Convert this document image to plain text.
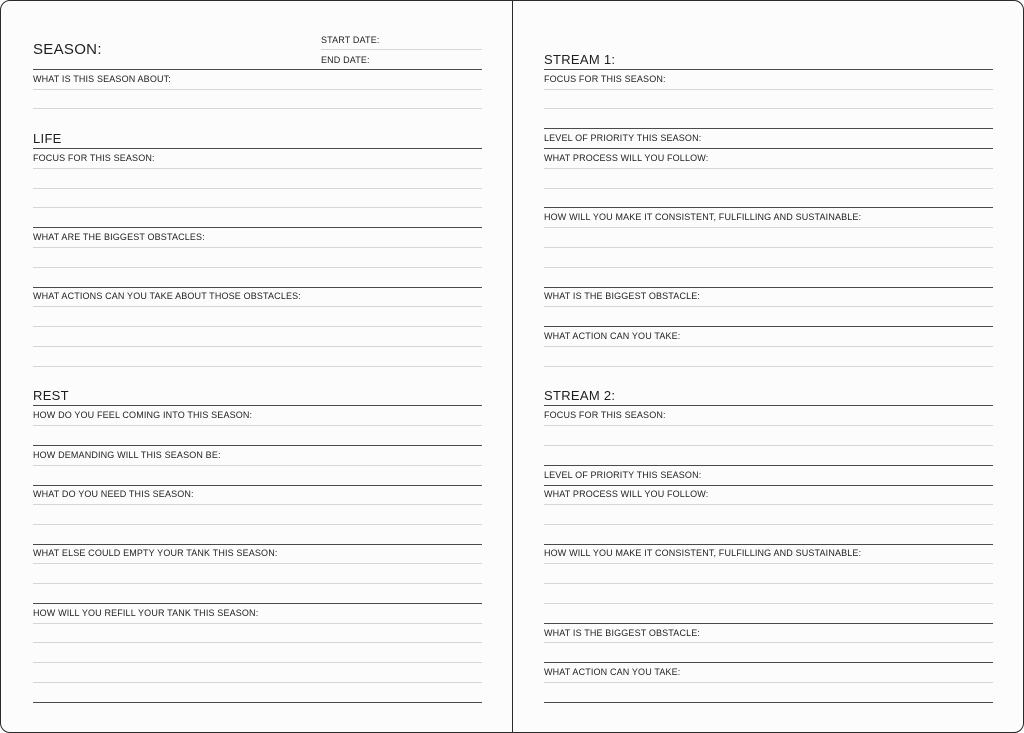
SEASON:
START DATE:
END DATE:
WHAT IS THIS SEASON ABOUT:
LIFE
FOCUS FOR THIS SEASON:
WHAT ARE THE BIGGEST OBSTACLES:
WHAT ACTIONS CAN YOU TAKE ABOUT THOSE OBSTACLES:
REST
HOW DO YOU FEEL COMING INTO THIS SEASON:
HOW DEMANDING WILL THIS SEASON BE:
WHAT DO YOU NEED THIS SEASON:
WHAT ELSE COULD EMPTY YOUR TANK THIS SEASON:
HOW WILL YOU REFILL YOUR TANK THIS SEASON:
STREAM 1:
FOCUS FOR THIS SEASON:
LEVEL OF PRIORITY THIS SEASON:
WHAT PROCESS WILL YOU FOLLOW:
HOW WILL YOU MAKE IT CONSISTENT, FULFILLING AND SUSTAINABLE:
WHAT IS THE BIGGEST OBSTACLE:
WHAT ACTION CAN YOU TAKE:
STREAM 2:
FOCUS FOR THIS SEASON:
LEVEL OF PRIORITY THIS SEASON:
WHAT PROCESS WILL YOU FOLLOW:
HOW WILL YOU MAKE IT CONSISTENT, FULFILLING AND SUSTAINABLE:
WHAT IS THE BIGGEST OBSTACLE:
WHAT ACTION CAN YOU TAKE:
